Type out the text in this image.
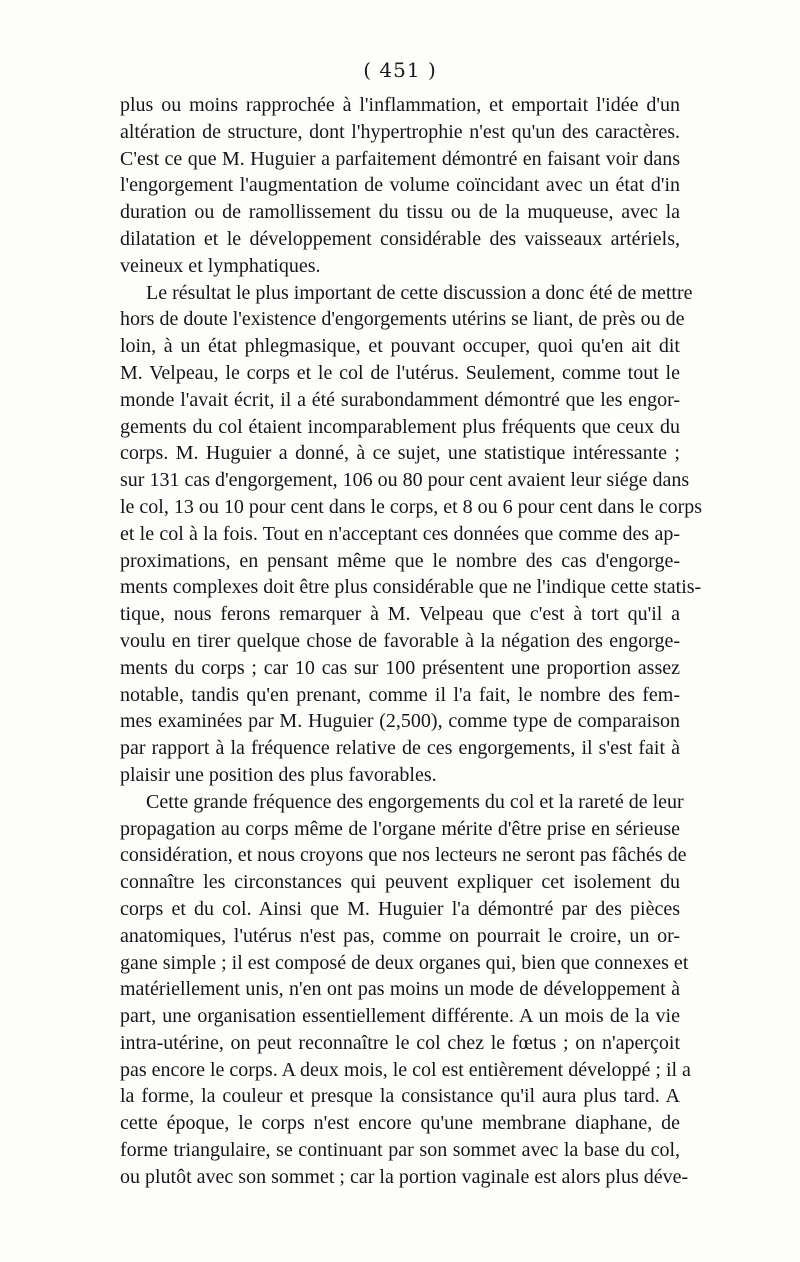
( 451 )
plus ou moins rapprochée à l'inflammation, et emportait l'idée d'un
altération de structure, dont l'hypertrophie n'est qu'un des caractères.
C'est ce que M. Huguier a parfaitement démontré en faisant voir dans
l'engorgement l'augmentation de volume coïncidant avec un état d'in
duration ou de ramollissement du tissu ou de la muqueuse, avec la
dilatation et le développement considérable des vaisseaux artériels,
veineux et lymphatiques.
Le résultat le plus important de cette discussion a donc été de mettre
hors de doute l'existence d'engorgements utérins se liant, de près ou de
loin, à un état phlegmasique, et pouvant occuper, quoi qu'en ait dit
M. Velpeau, le corps et le col de l'utérus. Seulement, comme tout le
monde l'avait écrit, il a été surabondamment démontré que les engor-
gements du col étaient incomparablement plus fréquents que ceux du
corps. M. Huguier a donné, à ce sujet, une statistique intéressante ;
sur 131 cas d'engorgement, 106 ou 80 pour cent avaient leur siége dans
le col, 13 ou 10 pour cent dans le corps, et 8 ou 6 pour cent dans le corps
et le col à la fois. Tout en n'acceptant ces données que comme des ap-
proximations, en pensant même que le nombre des cas d'engorge-
ments complexes doit être plus considérable que ne l'indique cette statis-
tique, nous ferons remarquer à M. Velpeau que c'est à tort qu'il a
voulu en tirer quelque chose de favorable à la négation des engorge-
ments du corps ; car 10 cas sur 100 présentent une proportion assez
notable, tandis qu'en prenant, comme il l'a fait, le nombre des fem-
mes examinées par M. Huguier (2,500), comme type de comparaison
par rapport à la fréquence relative de ces engorgements, il s'est fait à
plaisir une position des plus favorables.
Cette grande fréquence des engorgements du col et la rareté de leur
propagation au corps même de l'organe mérite d'être prise en sérieuse
considération, et nous croyons que nos lecteurs ne seront pas fâchés de
connaître les circonstances qui peuvent expliquer cet isolement du
corps et du col. Ainsi que M. Huguier l'a démontré par des pièces
anatomiques, l'utérus n'est pas, comme on pourrait le croire, un or-
gane simple ; il est composé de deux organes qui, bien que connexes et
matériellement unis, n'en ont pas moins un mode de développement à
part, une organisation essentiellement différente. A un mois de la vie
intra-utérine, on peut reconnaître le col chez le fœtus ; on n'aperçoit
pas encore le corps. A deux mois, le col est entièrement développé ; il a
la forme, la couleur et presque la consistance qu'il aura plus tard. A
cette époque, le corps n'est encore qu'une membrane diaphane, de
forme triangulaire, se continuant par son sommet avec la base du col,
ou plutôt avec son sommet ; car la portion vaginale est alors plus déve-
